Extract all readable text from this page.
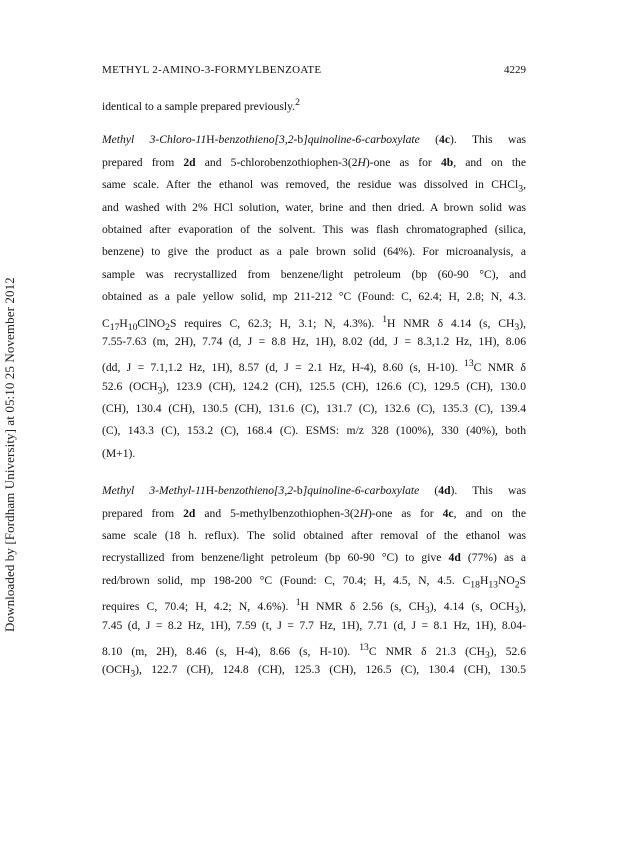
Downloaded by [Fordham University] at 05:10 25 November 2012
METHYL 2-AMINO-3-FORMYLBENZOATE	4229
identical to a sample prepared previously.$^2$
Methyl 3-Chloro-11H-benzothieno[3,2-b]quinoline-6-carboxylate (4c). This was
prepared from 2d and 5-chlorobenzothiophen-3(2H)-one as for 4b, and on the
same scale. After the ethanol was removed, the residue was dissolved in CHCl$_3$,
and washed with 2% HCl solution, water, brine and then dried. A brown solid was
obtained after evaporation of the solvent. This was flash chromatographed (silica,
benzene) to give the product as a pale brown solid (64%). For microanalysis, a
sample was recrystallized from benzene/light petroleum (bp (60-90 °C), and
obtained as a pale yellow solid, mp 211-212 °C (Found: C, 62.4; H, 2.8; N, 4.3.
$C_{17}H_{10}ClNO_2S$ requires C, 62.3; H, 3.1; N, 4.3%). $^1$H NMR δ 4.14 (s, $CH_3$),
7.55-7.63 (m, 2H), 7.74 (d, J = 8.8 Hz, 1H), 8.02 (dd, J = 8.3,1.2 Hz, 1H), 8.06
(dd, J = 7.1,1.2 Hz, 1H), 8.57 (d, J = 2.1 Hz, H-4), 8.60 (s, H-10). $^{13}$C NMR δ
52.6 $(OCH_3)$, 123.9 (CH), 124.2 (CH), 125.5 (CH), 126.6 (C), 129.5 (CH), 130.0
(CH), 130.4 (CH), 130.5 (CH), 131.6 (C), 131.7 (C), 132.6 (C), 135.3 (C), 139.4
(C), 143.3 (C), 153.2 (C), 168.4 (C). ESMS: m/z 328 (100%), 330 (40%), both
(M+1).
Methyl 3-Methyl-11H-benzothieno[3,2-b]quinoline-6-carboxylate (4d). This was
prepared from 2d and 5-methylbenzothiophen-3(2H)-one as for 4c, and on the
same scale (18 h. reflux). The solid obtained after removal of the ethanol was
recrystallized from benzene/light petroleum (bp 60-90 °C) to give 4d (77%) as a
red/brown solid, mp 198-200 °C (Found: C, 70.4; H, 4.5, N, 4.5. $C_{18}H_{13}NO_2S$
requires C, 70.4; H, 4.2; N, 4.6%). $^1$H NMR δ 2.56 (s, $CH_3$), 4.14 (s, $OCH_3$),
7.45 (d, J = 8.2 Hz, 1H), 7.59 (t, J = 7.7 Hz, 1H), 7.71 (d, J = 8.1 Hz, 1H), 8.04-
8.10 (m, 2H), 8.46 (s, H-4), 8.66 (s, H-10). $^{13}$C NMR δ 21.3 $(CH_3)$, 52.6
$(OCH_3)$, 122.7 (CH), 124.8 (CH), 125.3 (CH), 126.5 (C), 130.4 (CH), 130.5
